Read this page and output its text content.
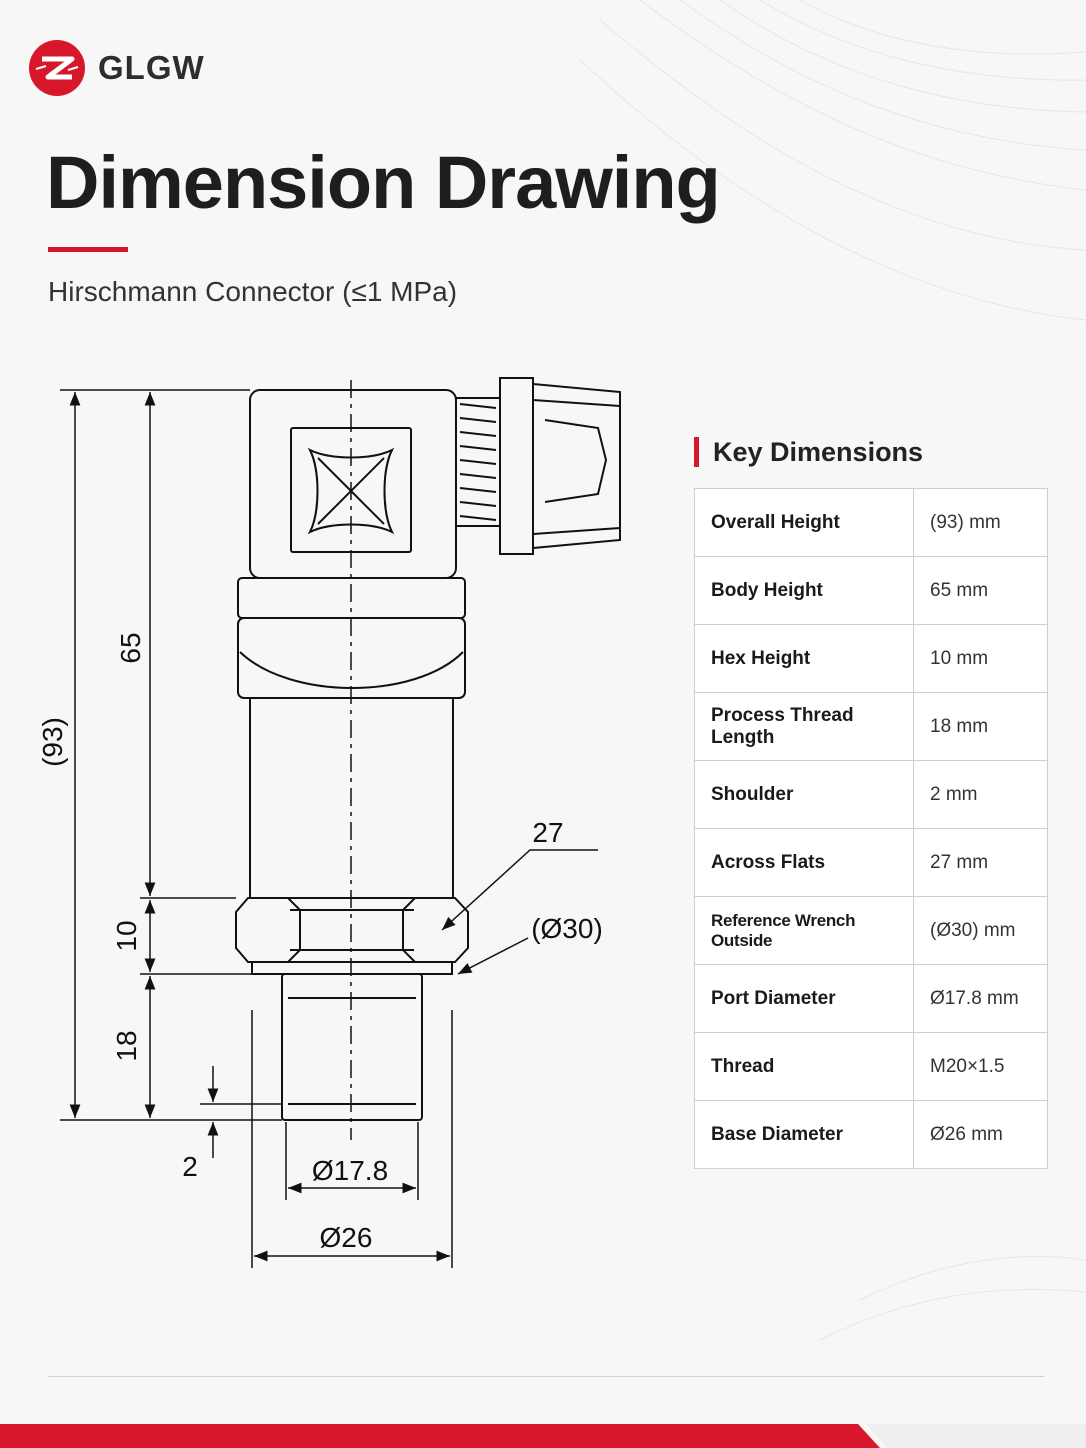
GLGW
Dimension Drawing
Hirschmann Connector (≤1 MPa)
(93)
65
10
18
2
27
(Ø30)
Ø17.8
Ø26
Key Dimensions
Overall Height	(93) mm
Body Height	65 mm
Hex Height	10 mm
Process Thread Length	18 mm
Shoulder	2 mm
Across Flats	27 mm
Reference Wrench Outside	(Ø30) mm
Port Diameter	Ø17.8 mm
Thread	M20×1.5
Base Diameter	Ø26 mm
